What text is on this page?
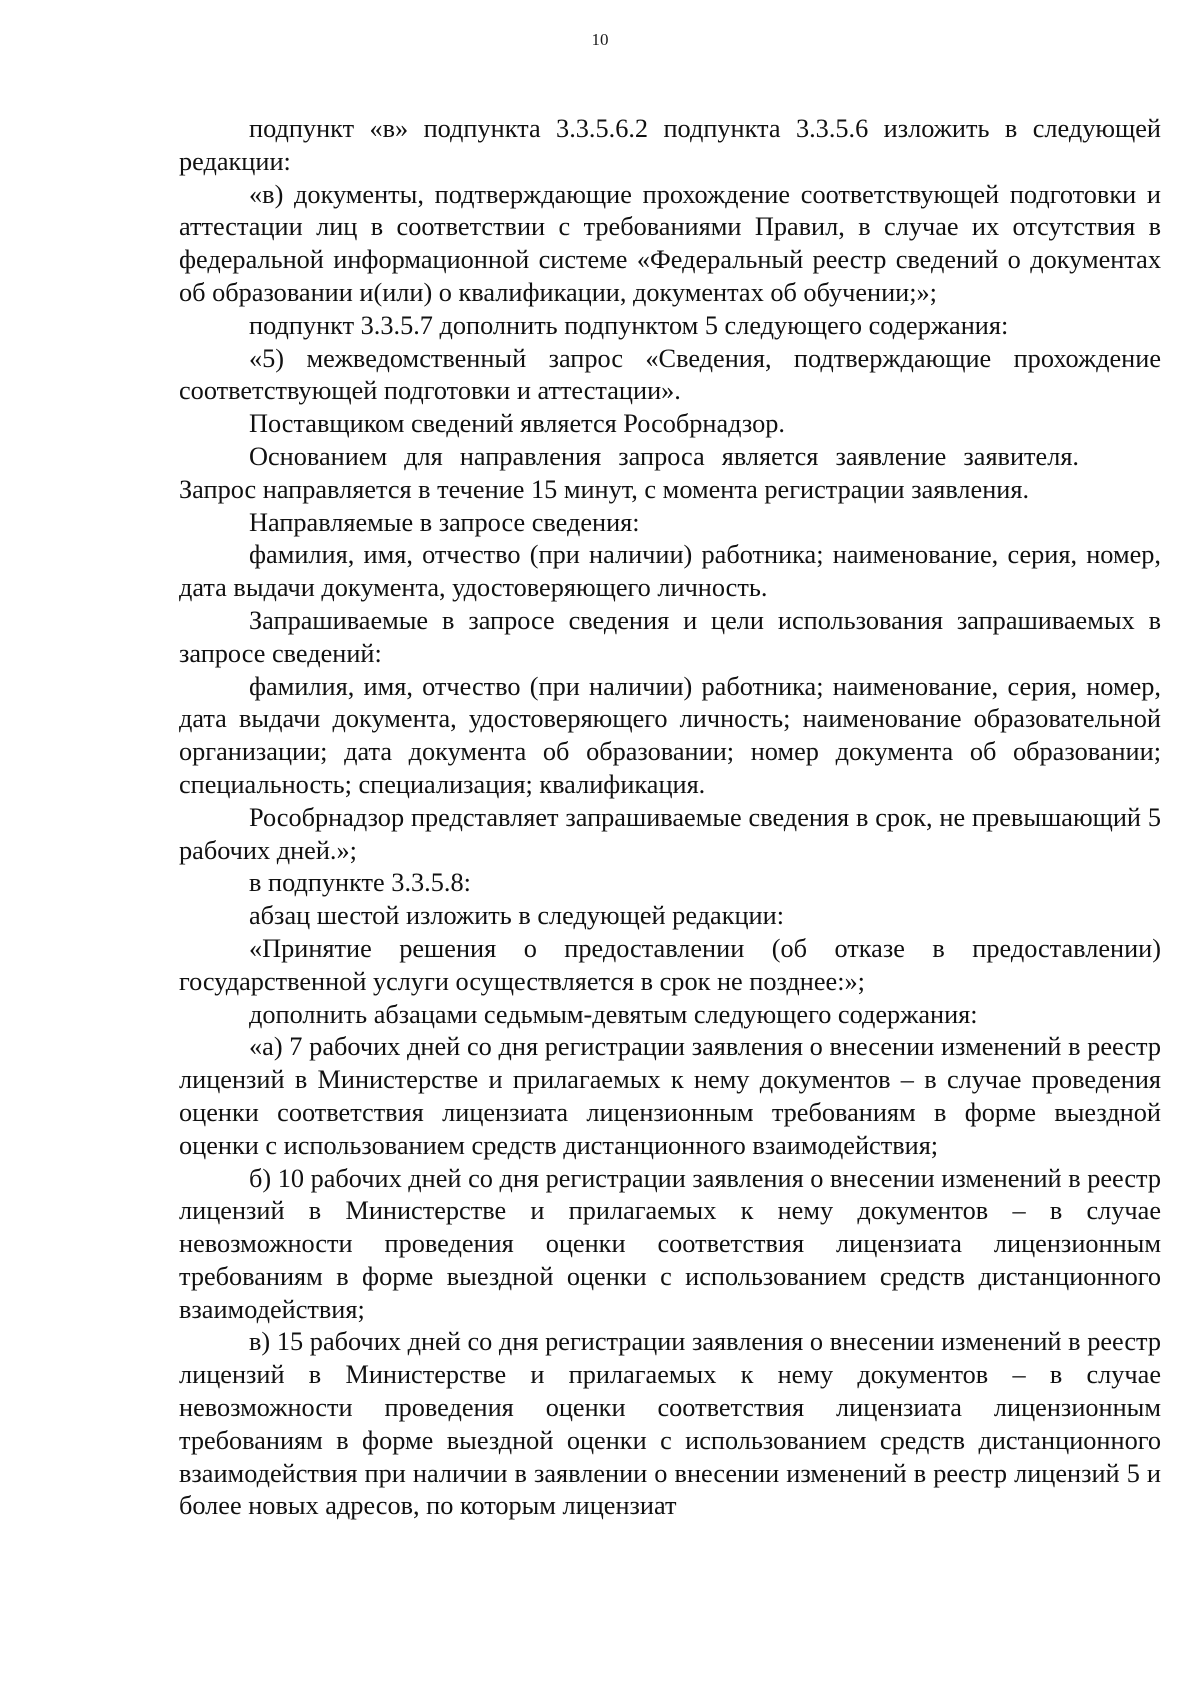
10

подпункт «в» подпункта 3.3.5.6.2 подпункта 3.3.5.6 изложить в следующей редакции:

«в) документы, подтверждающие прохождение соответствующей подготовки и аттестации лиц в соответствии с требованиями Правил, в случае их отсутствия в федеральной информационной системе «Федеральный реестр сведений о документах об образовании и(или) о квалификации, документах об обучении;»;

подпункт 3.3.5.7 дополнить подпунктом 5 следующего содержания:

«5) межведомственный запрос «Сведения, подтверждающие прохождение соответствующей подготовки и аттестации».

Поставщиком сведений является Рособрнадзор.

Основанием для направления запроса является заявление заявителя. Запрос направляется в течение 15 минут, с момента регистрации заявления.

Направляемые в запросе сведения:

фамилия, имя, отчество (при наличии) работника; наименование, серия, номер, дата выдачи документа, удостоверяющего личность.

Запрашиваемые в запросе сведения и цели использования запрашиваемых в запросе сведений:

фамилия, имя, отчество (при наличии) работника; наименование, серия, номер, дата выдачи документа, удостоверяющего личность; наименование образовательной организации; дата документа об образовании; номер документа об образовании; специальность; специализация; квалификация.

Рособрнадзор представляет запрашиваемые сведения в срок, не превышающий 5 рабочих дней.»;

в подпункте 3.3.5.8:

абзац шестой изложить в следующей редакции:

«Принятие решения о предоставлении (об отказе в предоставлении) государственной услуги осуществляется в срок не позднее:»;

дополнить абзацами седьмым-девятым следующего содержания:

«а) 7 рабочих дней со дня регистрации заявления о внесении изменений в реестр лицензий в Министерстве и прилагаемых к нему документов – в случае проведения оценки соответствия лицензиата лицензионным требованиям в форме выездной оценки с использованием средств дистанционного взаимодействия;

б) 10 рабочих дней со дня регистрации заявления о внесении изменений в реестр лицензий в Министерстве и прилагаемых к нему документов – в случае невозможности проведения оценки соответствия лицензиата лицензионным требованиям в форме выездной оценки с использованием средств дистанционного взаимодействия;

в) 15 рабочих дней со дня регистрации заявления о внесении изменений в реестр лицензий в Министерстве и прилагаемых к нему документов – в случае невозможности проведения оценки соответствия лицензиата лицензионным требованиям в форме выездной оценки с использованием средств дистанционного взаимодействия при наличии в заявлении о внесении изменений в реестр лицензий 5 и более новых адресов, по которым лицензиат
